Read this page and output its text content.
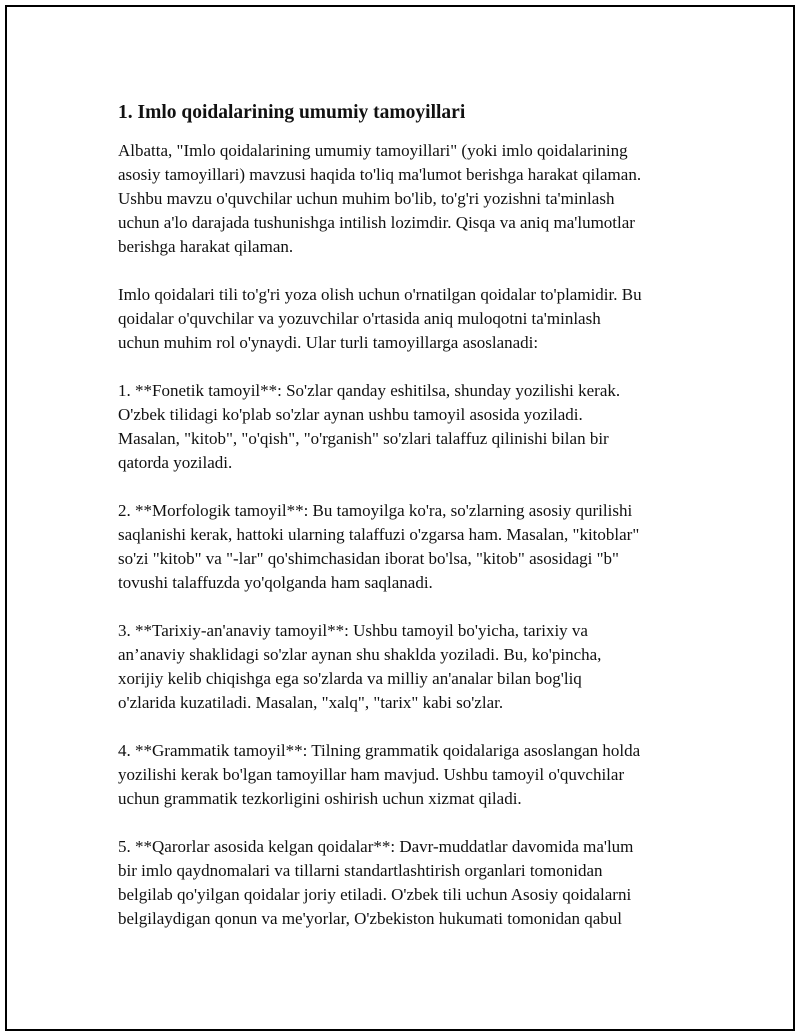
1. Imlo qoidalarining umumiy tamoyillari

Albatta, "Imlo qoidalarining umumiy tamoyillari" (yoki imlo qoidalarining
asosiy tamoyillari) mavzusi haqida to'liq ma'lumot berishga harakat qilaman.
Ushbu mavzu o'quvchilar uchun muhim bo'lib, to'g'ri yozishni ta'minlash
uchun a'lo darajada tushunishga intilish lozimdir. Qisqa va aniq ma'lumotlar
berishga harakat qilaman.

Imlo qoidalari tili to'g'ri yoza olish uchun o'rnatilgan qoidalar to'plamidir. Bu
qoidalar o'quvchilar va yozuvchilar o'rtasida aniq muloqotni ta'minlash
uchun muhim rol o'ynaydi. Ular turli tamoyillarga asoslanadi:

1. **Fonetik tamoyil**: So'zlar qanday eshitilsa, shunday yozilishi kerak.
O'zbek tilidagi ko'plab so'zlar aynan ushbu tamoyil asosida yoziladi.
Masalan, "kitob", "o'qish", "o'rganish" so'zlari talaffuz qilinishi bilan bir
qatorda yoziladi.

2. **Morfologik tamoyil**: Bu tamoyilga ko'ra, so'zlarning asosiy qurilishi
saqlanishi kerak, hattoki ularning talaffuzi o'zgarsa ham. Masalan, "kitoblar"
so'zi "kitob" va "-lar" qo'shimchasidan iborat bo'lsa, "kitob" asosidagi "b"
tovushi talaffuzda yo'qolganda ham saqlanadi.

3. **Tarixiy-an'anaviy tamoyil**: Ushbu tamoyil bo'yicha, tarixiy va
an’anaviy shaklidagi so'zlar aynan shu shaklda yoziladi. Bu, ko'pincha,
xorijiy kelib chiqishga ega so'zlarda va milliy an'analar bilan bog'liq
o'zlarida kuzatiladi. Masalan, "xalq", "tarix" kabi so'zlar.

4. **Grammatik tamoyil**: Tilning grammatik qoidalariga asoslangan holda
yozilishi kerak bo'lgan tamoyillar ham mavjud. Ushbu tamoyil o'quvchilar
uchun grammatik tezkorligini oshirish uchun xizmat qiladi.

5. **Qarorlar asosida kelgan qoidalar**: Davr-muddatlar davomida ma'lum
bir imlo qaydnomalari va tillarni standartlashtirish organlari tomonidan
belgilab qo'yilgan qoidalar joriy etiladi. O'zbek tili uchun Asosiy qoidalarni
belgilaydigan qonun va me'yorlar, O'zbekiston hukumati tomonidan qabul
